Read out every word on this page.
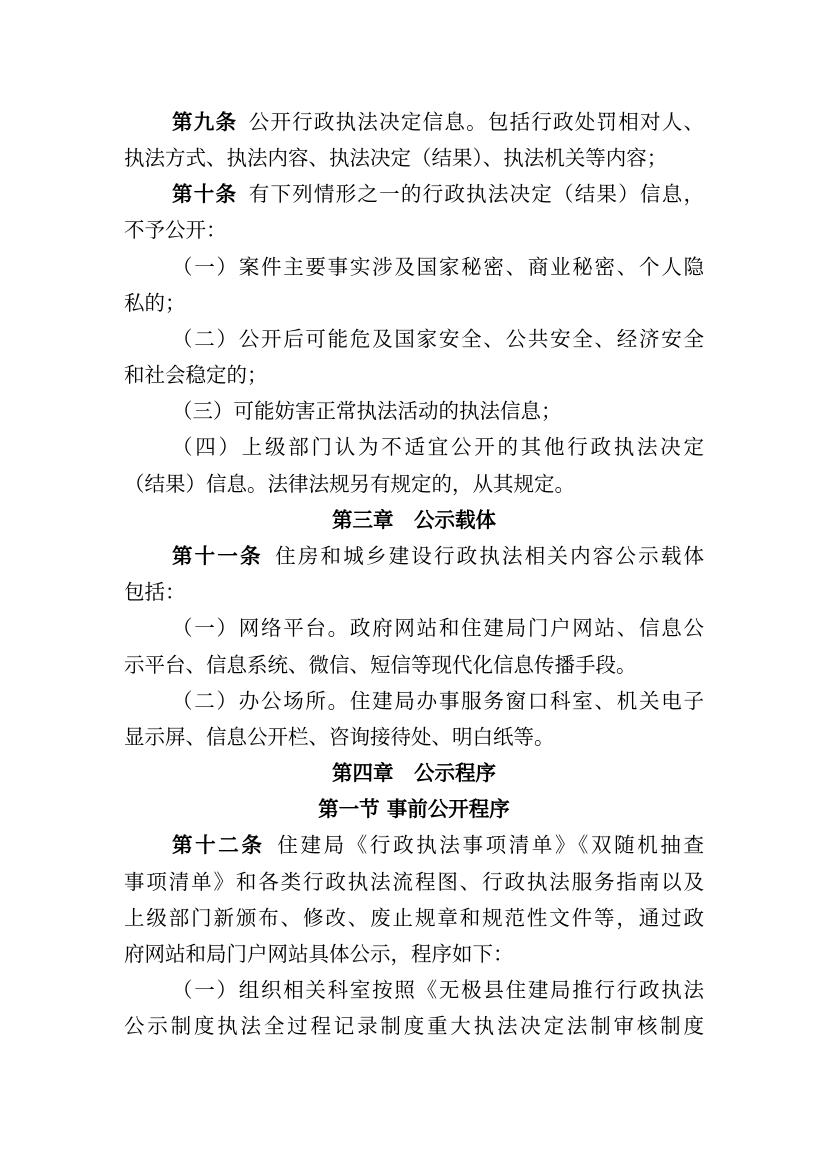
第九条  公开行政执法决定信息。包括行政处罚相对人、
执法方式、执法内容、执法决定（结果）、执法机关等内容；
第十条  有下列情形之一的行政执法决定（结果）信息，
不予公开：
（一）案件主要事实涉及国家秘密、商业秘密、个人隐
私的；
（二）公开后可能危及国家安全、公共安全、经济安全
和社会稳定的；
（三）可能妨害正常执法活动的执法信息；
（四）上级部门认为不适宜公开的其他行政执法决定
（结果）信息。法律法规另有规定的，从其规定。
第三章　公示载体
第十一条  住房和城乡建设行政执法相关内容公示载体
包括：
（一）网络平台。政府网站和住建局门户网站、信息公
示平台、信息系统、微信、短信等现代化信息传播手段。
（二）办公场所。住建局办事服务窗口科室、机关电子
显示屏、信息公开栏、咨询接待处、明白纸等。
第四章　公示程序
第一节 事前公开程序
第十二条  住建局《行政执法事项清单》《双随机抽查
事项清单》和各类行政执法流程图、行政执法服务指南以及
上级部门新颁布、修改、废止规章和规范性文件等，通过政
府网站和局门户网站具体公示，程序如下：
（一）组织相关科室按照《无极县住建局推行行政执法
公示制度执法全过程记录制度重大执法决定法制审核制度
